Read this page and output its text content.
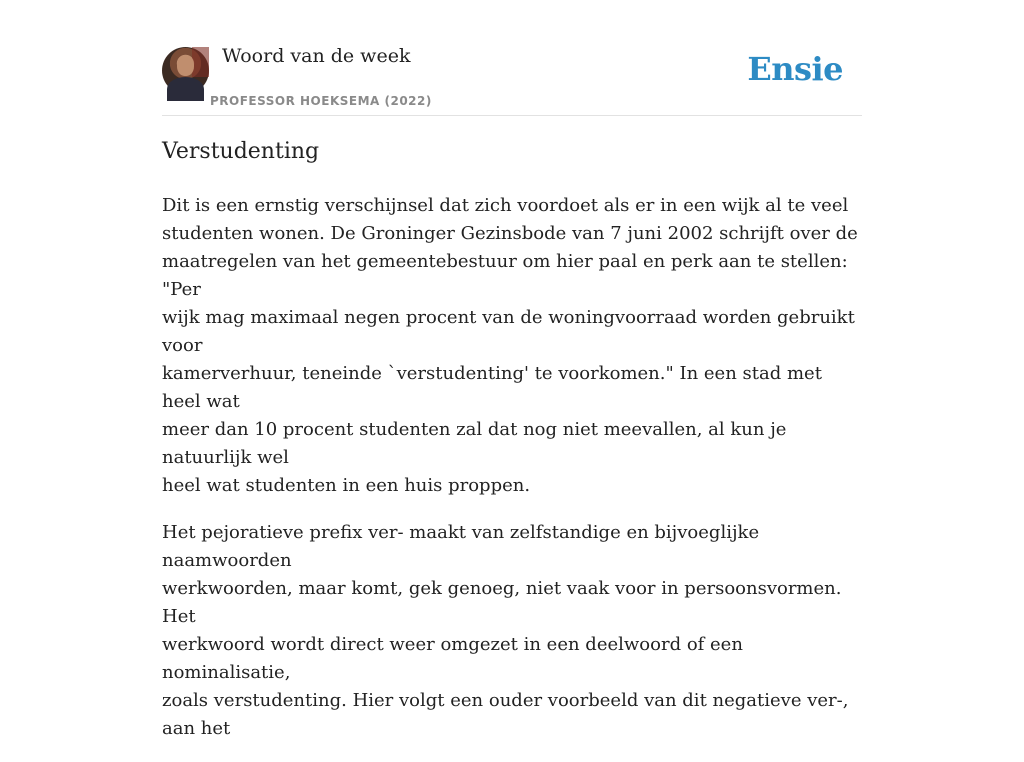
Woord van de week
PROFESSOR HOEKSEMA (2022)
Ensie
Verstudenting

Dit is een ernstig verschijnsel dat zich voordoet als er in een wijk al te veel
studenten wonen. De Groninger Gezinsbode van 7 juni 2002 schrijft over de
maatregelen van het gemeentebestuur om hier paal en perk aan te stellen: "Per
wijk mag maximaal negen procent van de woningvoorraad worden gebruikt voor
kamerverhuur, teneinde `verstudenting' te voorkomen." In een stad met heel wat
meer dan 10 procent studenten zal dat nog niet meevallen, al kun je natuurlijk wel
heel wat studenten in een huis proppen.

Het pejoratieve prefix ver- maakt van zelfstandige en bijvoeglijke naamwoorden
werkwoorden, maar komt, gek genoeg, niet vaak voor in persoonsvormen. Het
werkwoord wordt direct weer omgezet in een deelwoord of een nominalisatie,
zoals verstudenting. Hier volgt een ouder voorbeeld van dit negatieve ver-, aan het
